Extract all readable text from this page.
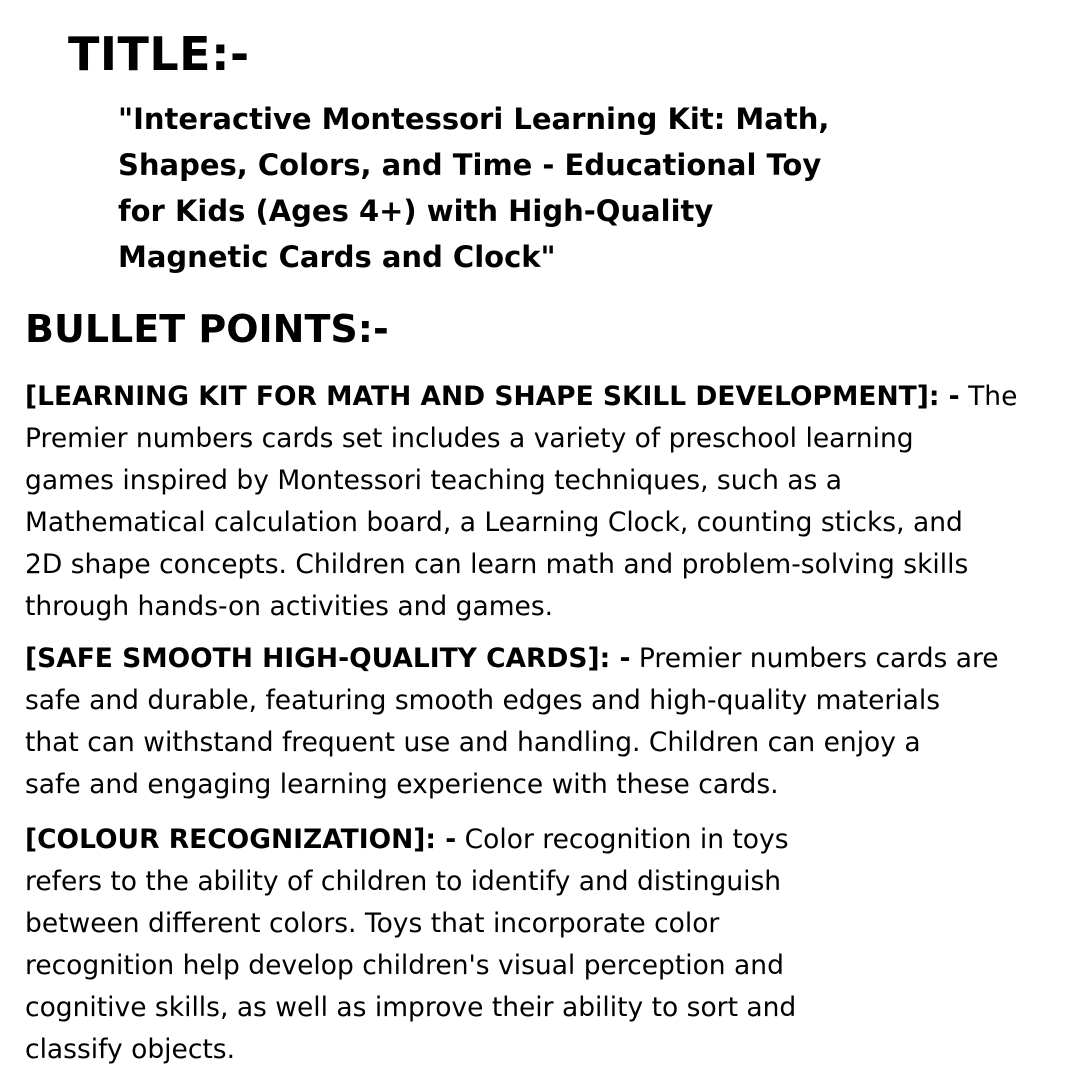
TITLE:-
"Interactive Montessori Learning Kit: Math,
Shapes, Colors, and Time - Educational Toy
for Kids (Ages 4+) with High-Quality
Magnetic Cards and Clock"
BULLET POINTS:-
[LEARNING KIT FOR MATH AND SHAPE SKILL DEVELOPMENT]: - The
Premier numbers cards set includes a variety of preschool learning
games inspired by Montessori teaching techniques, such as a
Mathematical calculation board, a Learning Clock, counting sticks, and
2D shape concepts. Children can learn math and problem-solving skills
through hands-on activities and games.
[SAFE SMOOTH HIGH-QUALITY CARDS]: - Premier numbers cards are
safe and durable, featuring smooth edges and high-quality materials
that can withstand frequent use and handling. Children can enjoy a
safe and engaging learning experience with these cards.
[COLOUR RECOGNIZATION]: - Color recognition in toys
refers to the ability of children to identify and distinguish
between different colors. Toys that incorporate color
recognition help develop children's visual perception and
cognitive skills, as well as improve their ability to sort and
classify objects.
